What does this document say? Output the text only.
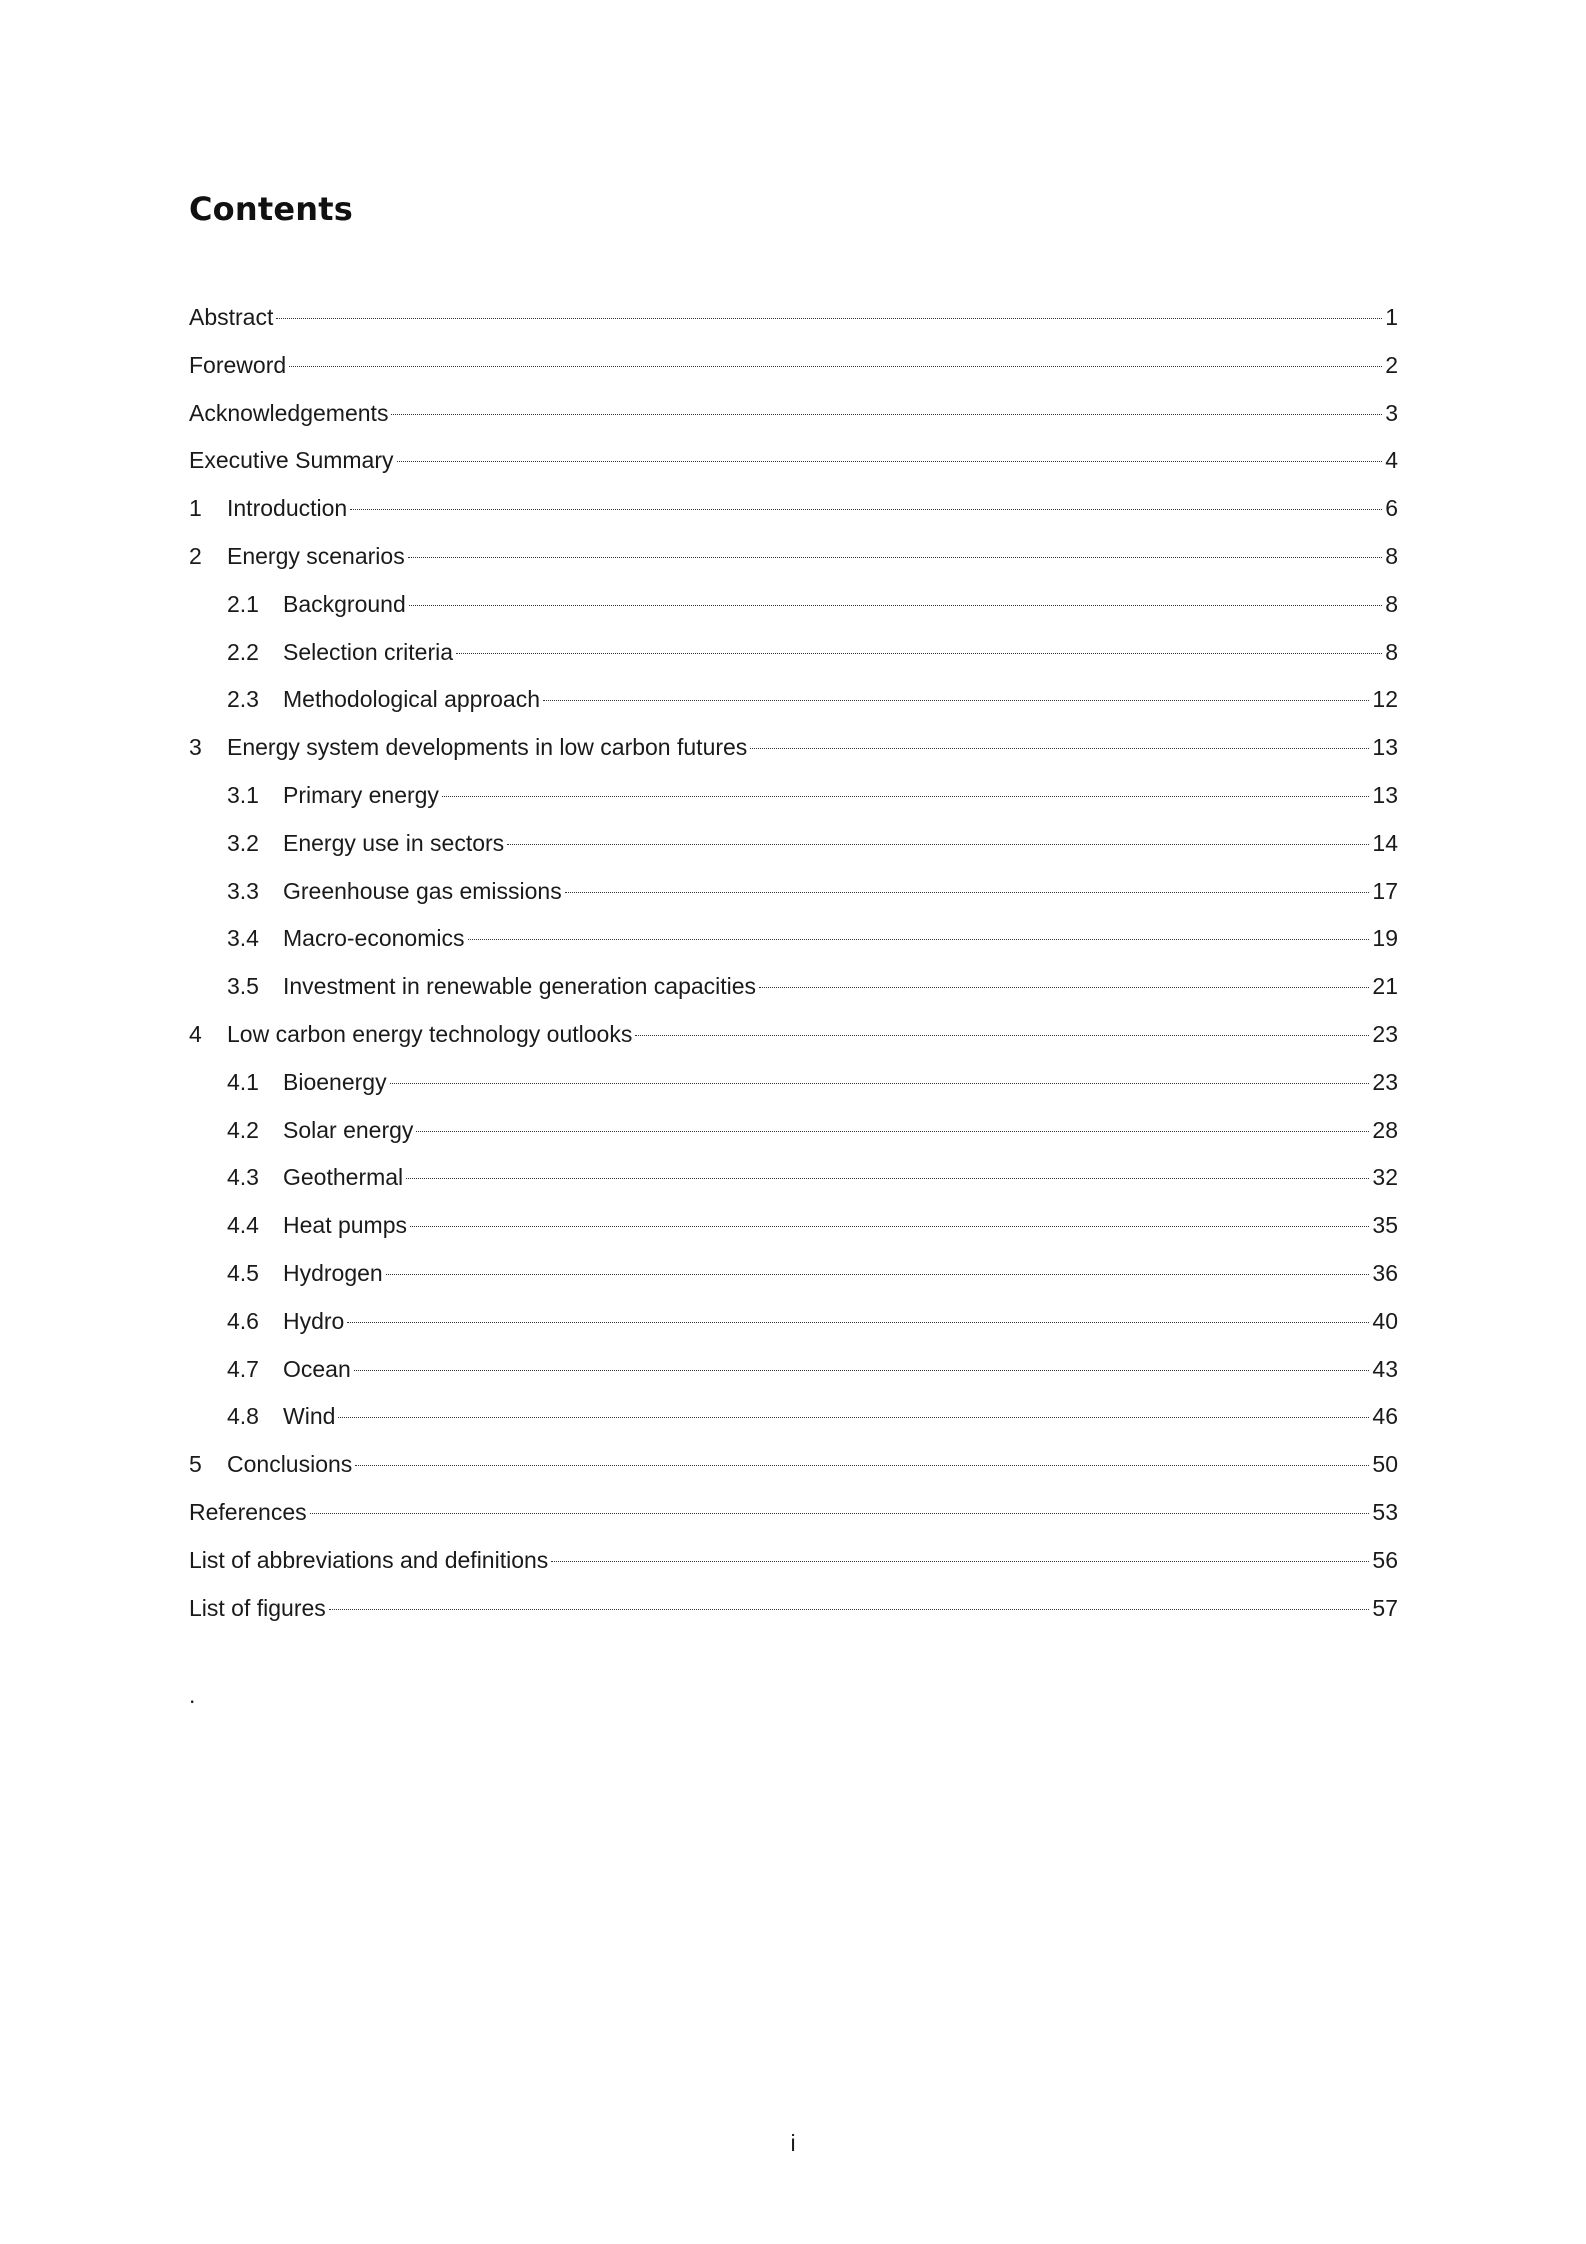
Contents
Abstract	1
Foreword	2
Acknowledgements	3
Executive Summary	4
1	Introduction	6
2	Energy scenarios	8
2.1	Background	8
2.2	Selection criteria	8
2.3	Methodological approach	12
3	Energy system developments in low carbon futures	13
3.1	Primary energy	13
3.2	Energy use in sectors	14
3.3	Greenhouse gas emissions	17
3.4	Macro-economics	19
3.5	Investment in renewable generation capacities	21
4	Low carbon energy technology outlooks	23
4.1	Bioenergy	23
4.2	Solar energy	28
4.3	Geothermal	32
4.4	Heat pumps	35
4.5	Hydrogen	36
4.6	Hydro	40
4.7	Ocean	43
4.8	Wind	46
5	Conclusions	50
References	53
List of abbreviations and definitions	56
List of figures	57
.
i
